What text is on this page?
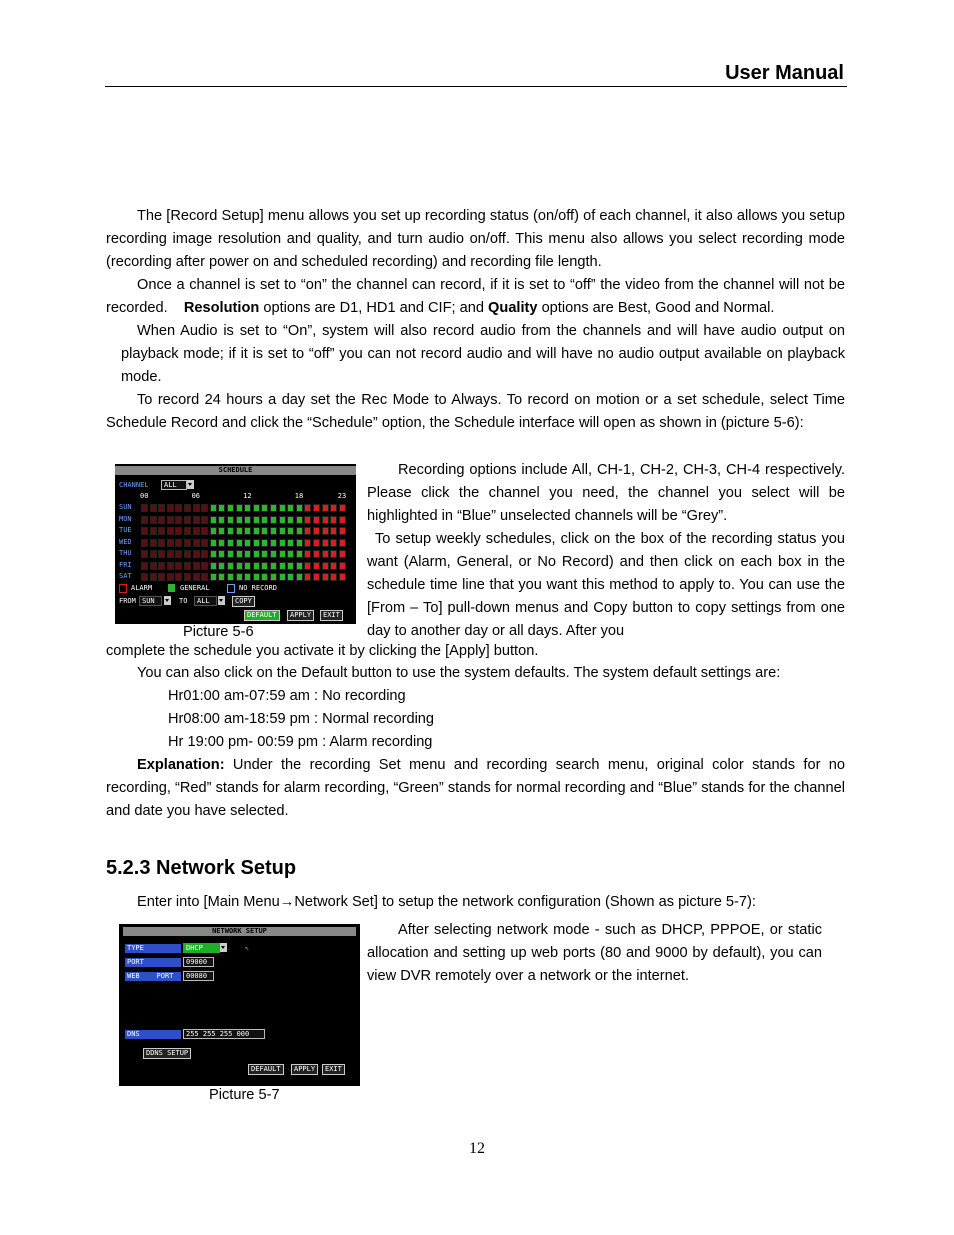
User Manual

The [Record Setup] menu allows you set up recording status (on/off) of each channel, it also allows you setup recording image resolution and quality, and turn audio on/off. This menu also allows you select recording mode (recording after power on and scheduled recording) and recording file length.

Once a channel is set to “on” the channel can record, if it is set to “off” the video from the channel will not be recorded. Resolution options are D1, HD1 and CIF; and Quality options are Best, Good and Normal.

When Audio is set to “On”, system will also record audio from the channels and will have audio output on playback mode; if it is set to “off” you can not record audio and will have no audio output available on playback mode.

To record 24 hours a day set the Rec Mode to Always. To record on motion or a set schedule, select Time Schedule Record and click the “Schedule” option, the Schedule interface will open as shown in (picture 5-6):

SCHEDULE
CHANNEL	ALL
ALARM	GENERAL	NO RECORD
FROM SUN	TO	ALL	COPY
DEFAULT	APPLY	EXIT
00	06	12	18	23
SUN
MON
TUE
WED
THU
FRI
SAT
Picture 5-6

Recording options include All, CH-1, CH-2, CH-3, CH-4 respectively. Please click the channel you need, the channel you select will be highlighted in “Blue” unselected channels will be “Grey”.

To setup weekly schedules, click on the box of the recording status you want (Alarm, General, or No Record) and then click on each box in the schedule time line that you want this method to apply to. You can use the [From – To] pull-down menus and Copy button to copy settings from one day to another day or all days. After you

complete the schedule you activate it by clicking the [Apply] button.

You can also click on the Default button to use the system defaults. The system default settings are:

Hr01:00 am-07:59 am : No recording

Hr08:00 am-18:59 pm : Normal recording

Hr 19:00 pm- 00:59 pm : Alarm recording

Explanation: Under the recording Set menu and recording search menu, original color stands for no recording, “Red” stands for alarm recording, “Green” stands for normal recording and “Blue” stands for the channel and date you have selected.

5.2.3 Network Setup

Enter into [Main Menu→Network Set] to setup the network configuration (Shown as picture 5-7):

NETWORK SETUP
TYPE	DHCP	↖
PORT	09000
WEB PORT	00080
DNS	255 255 255 000
DDNS SETUP
DEFAULT	APPLY	EXIT
Picture 5-7

After selecting network mode - such as DHCP, PPPOE, or static allocation and setting up web ports (80 and 9000 by default), you can view DVR remotely over a network or the internet.

12
